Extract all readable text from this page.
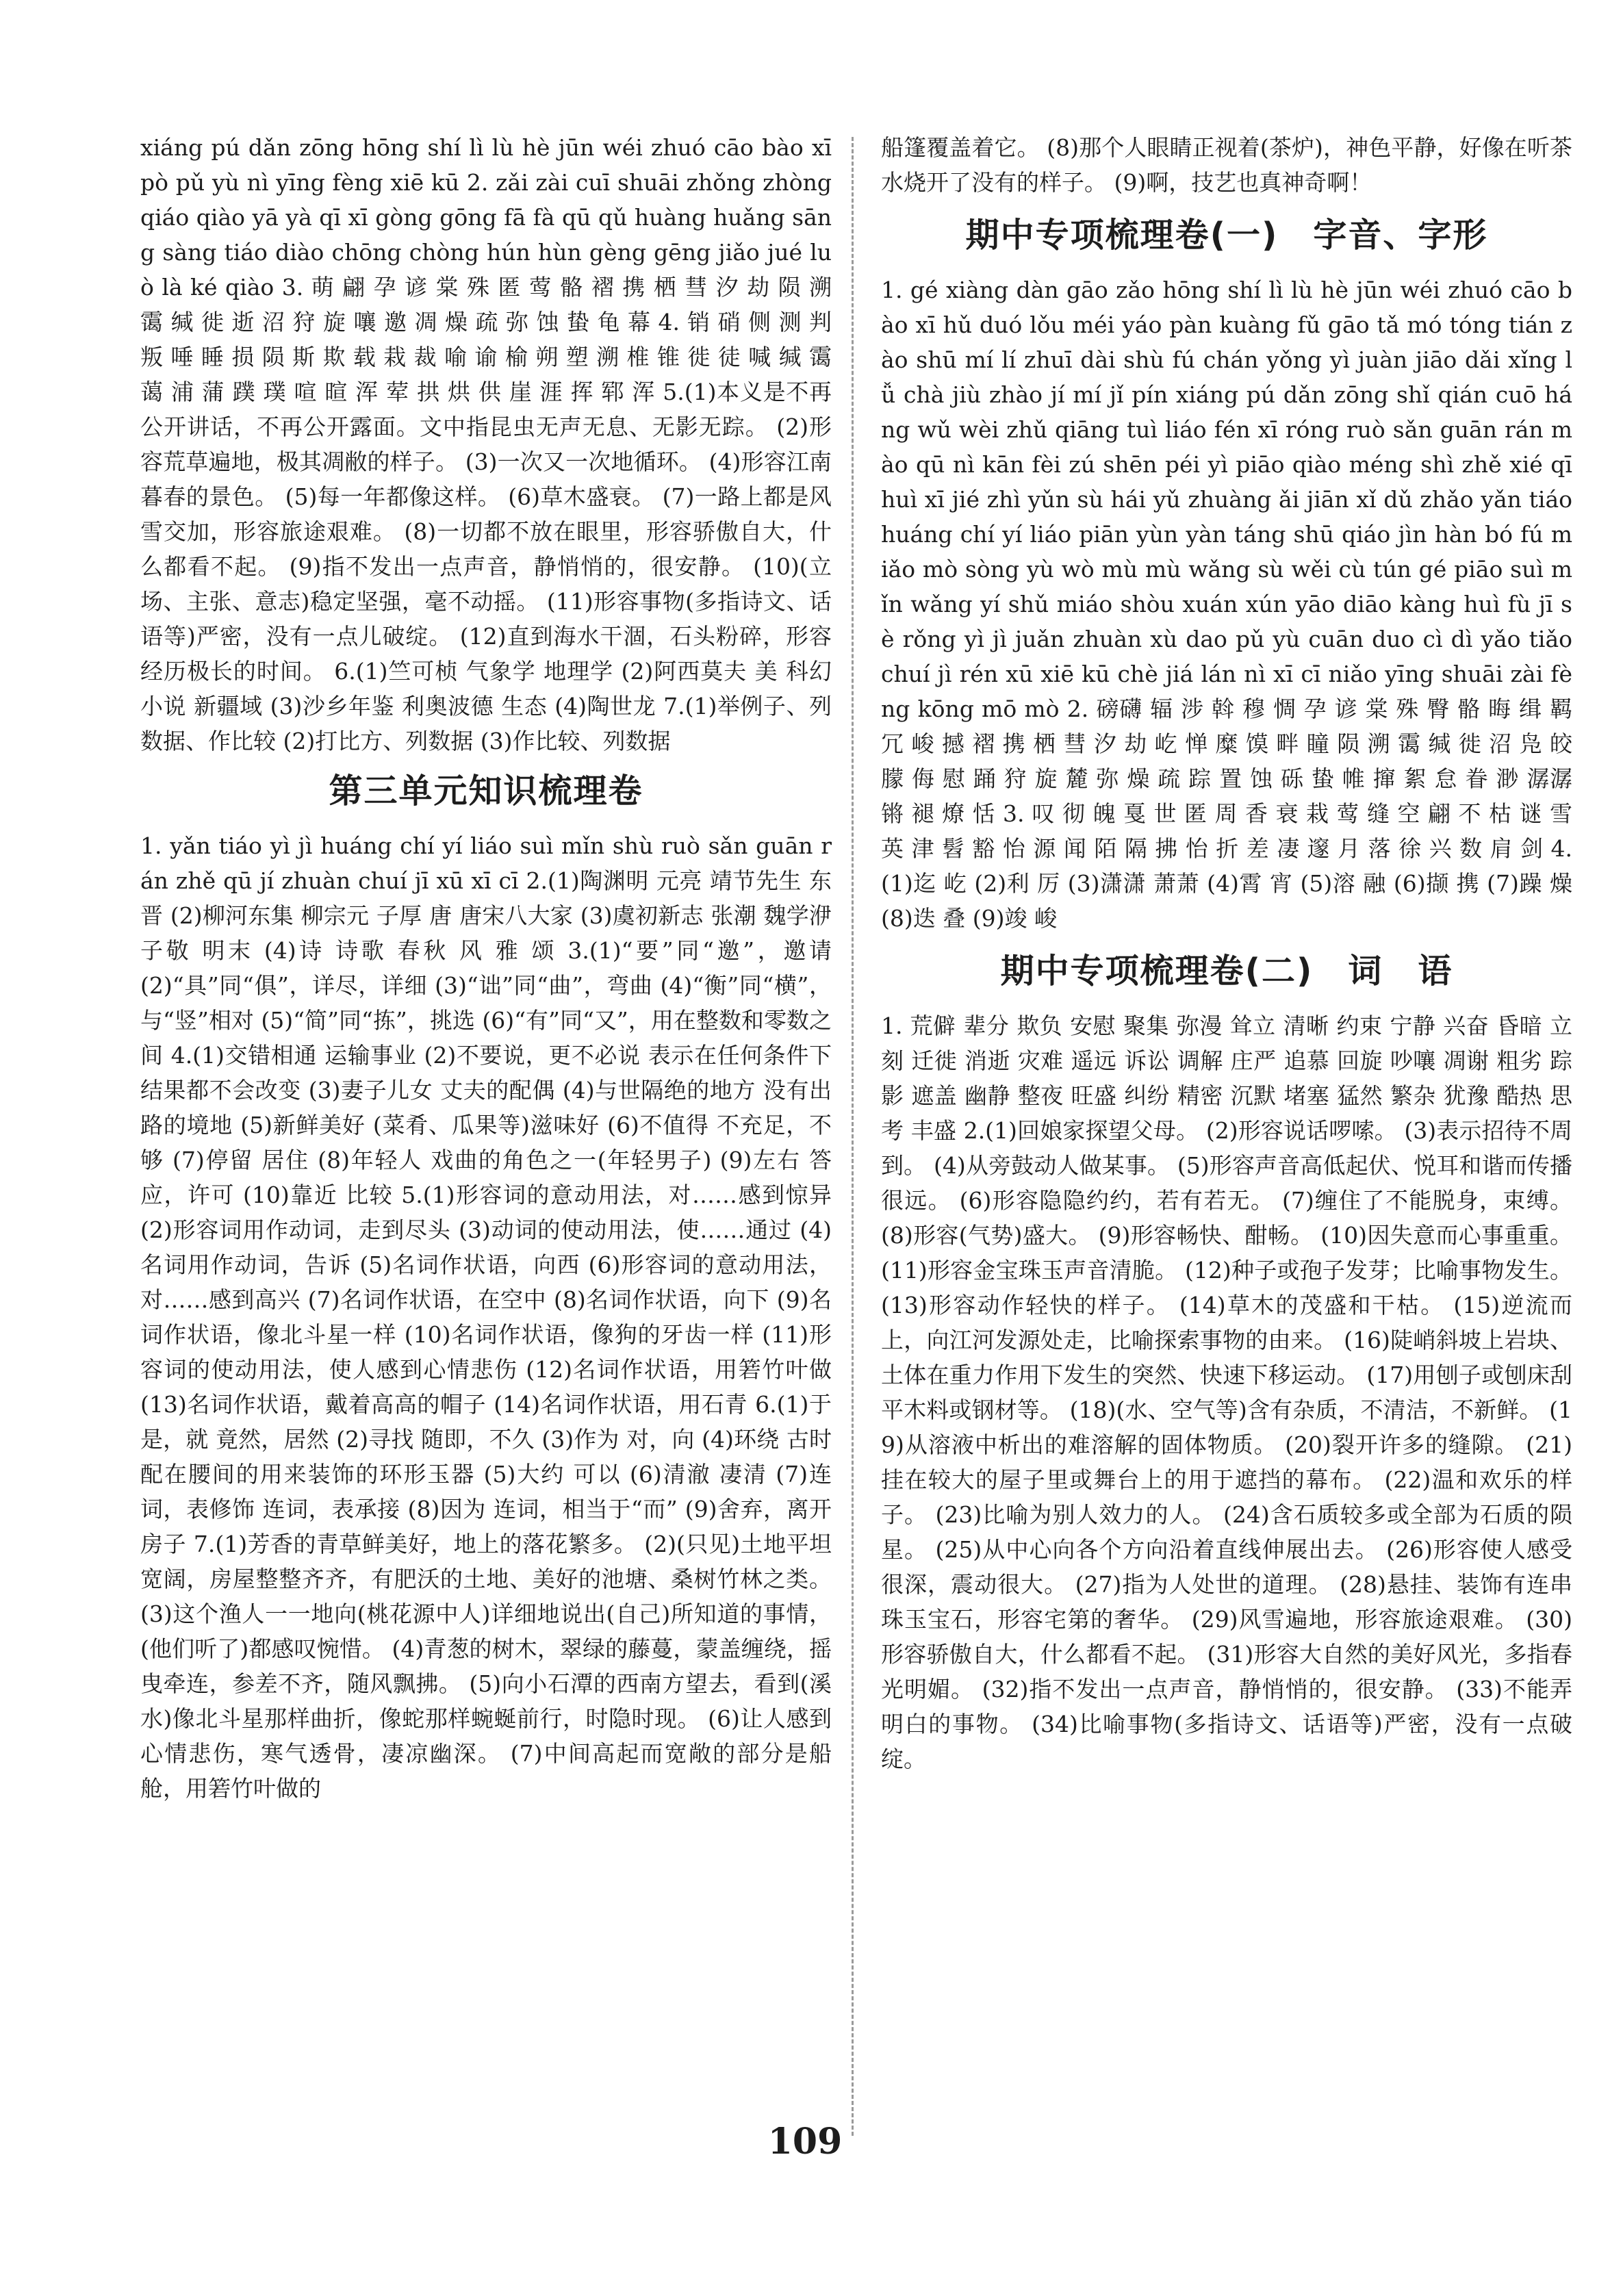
xiáng pú dǎn zōng hōng shí lì lù hè jūn wéi zhuó cāo bào xī pò pǔ yù nì yīng fèng xiē kū 2. zǎi zài cuī shuāi zhǒng zhòng qiáo qiào yā yà qī xī gòng gōng fā fà qū qǔ huàng huǎng sāng sàng tiáo diào chōng chòng hún hùn gèng gēng jiǎo jué luò là ké qiào 3. 萌 翩 孕 谚 棠 殊 匿 莺 骼 褶 携 栖 彗 汐 劫 陨 溯 霭 缄 徙 逝 沼 狩 旋 嚷 邀 凋 燥 疏 弥 蚀 蛰 龟 幕 4. 销 硝 侧 测 判 叛 唾 睡 损 陨 斯 欺 载 栽 裁 喻 谕 榆 朔 塑 溯 椎 锥 徙 徒 喊 缄 霭 蔼 浦 蒲 蹼 璞 喧 暄 浑 荤 拱 烘 供 崖 涯 挥 郓 浑 5.(1)本义是不再公开讲话，不再公开露面。文中指昆虫无声无息、无影无踪。 (2)形容荒草遍地，极其凋敝的样子。 (3)一次又一次地循环。 (4)形容江南暮春的景色。 (5)每一年都像这样。 (6)草木盛衰。 (7)一路上都是风雪交加，形容旅途艰难。 (8)一切都不放在眼里，形容骄傲自大，什么都看不起。 (9)指不发出一点声音，静悄悄的，很安静。 (10)(立场、主张、意志)稳定坚强，毫不动摇。 (11)形容事物(多指诗文、话语等)严密，没有一点儿破绽。 (12)直到海水干涸，石头粉碎，形容经历极长的时间。 6.(1)竺可桢 气象学 地理学 (2)阿西莫夫 美 科幻小说 新疆域 (3)沙乡年鉴 利奥波德 生态 (4)陶世龙 7.(1)举例子、列数据、作比较 (2)打比方、列数据 (3)作比较、列数据

第三单元知识梳理卷

1. yǎn tiáo yì jì huáng chí yí liáo suì mǐn shù ruò sǎn guān rán zhě qū jí zhuàn chuí jī xū xī cī 2.(1)陶渊明 元亮 靖节先生 东晋 (2)柳河东集 柳宗元 子厚 唐 唐宋八大家 (3)虞初新志 张潮 魏学洢 子敬 明末 (4)诗 诗歌 春秋 风 雅 颂 3.(1)“要”同“邀”，邀请 (2)“具”同“俱”，详尽，详细 (3)“诎”同“曲”，弯曲 (4)“衡”同“横”，与“竖”相对 (5)“简”同“拣”，挑选 (6)“有”同“又”，用在整数和零数之间 4.(1)交错相通 运输事业 (2)不要说，更不必说 表示在任何条件下结果都不会改变 (3)妻子儿女 丈夫的配偶 (4)与世隔绝的地方 没有出路的境地 (5)新鲜美好 (菜肴、瓜果等)滋味好 (6)不值得 不充足，不够 (7)停留 居住 (8)年轻人 戏曲的角色之一(年轻男子) (9)左右 答应，许可 (10)靠近 比较 5.(1)形容词的意动用法，对……感到惊异 (2)形容词用作动词，走到尽头 (3)动词的使动用法，使……通过 (4)名词用作动词，告诉 (5)名词作状语，向西 (6)形容词的意动用法，对……感到高兴 (7)名词作状语，在空中 (8)名词作状语，向下 (9)名词作状语，像北斗星一样 (10)名词作状语，像狗的牙齿一样 (11)形容词的使动用法，使人感到心情悲伤 (12)名词作状语，用箬竹叶做 (13)名词作状语，戴着高高的帽子 (14)名词作状语，用石青 6.(1)于是，就 竟然，居然 (2)寻找 随即，不久 (3)作为 对，向 (4)环绕 古时配在腰间的用来装饰的环形玉器 (5)大约 可以 (6)清澈 凄清 (7)连词，表修饰 连词，表承接 (8)因为 连词，相当于“而” (9)舍弃，离开 房子 7.(1)芳香的青草鲜美好，地上的落花繁多。 (2)(只见)土地平坦宽阔，房屋整整齐齐，有肥沃的土地、美好的池塘、桑树竹林之类。 (3)这个渔人一一地向(桃花源中人)详细地说出(自己)所知道的事情，(他们听了)都感叹惋惜。 (4)青葱的树木，翠绿的藤蔓，蒙盖缠绕，摇曳牵连，参差不齐，随风飘拂。 (5)向小石潭的西南方望去，看到(溪水)像北斗星那样曲折，像蛇那样蜿蜒前行，时隐时现。 (6)让人感到心情悲伤，寒气透骨，凄凉幽深。 (7)中间高起而宽敞的部分是船舱，用箬竹叶做的

船篷覆盖着它。 (8)那个人眼睛正视着(茶炉)，神色平静，好像在听茶水烧开了没有的样子。 (9)啊，技艺也真神奇啊！

期中专项梳理卷(一)　字音、字形

1. gé xiàng dàn gāo zǎo hōng shí lì lù hè jūn wéi zhuó cāo bào xī hǔ duó lǒu méi yáo pàn kuàng fǔ gāo tǎ mó tóng tián zào shū mí lí zhuī dài shù fú chán yǒng yì juàn jiāo dǎi xǐng lǚ chà jiù zhào jí mí jǐ pín xiáng pú dǎn zōng shǐ qián cuō háng wǔ wèi zhǔ qiāng tuì liáo fén xī róng ruò sǎn guān rán mào qū nì kān fèi zú shēn péi yì piāo qiào méng shì zhě xié qī huì xī jié zhì yǔn sù hái yǔ zhuàng ǎi jiān xǐ dǔ zhǎo yǎn tiáo huáng chí yí liáo piān yùn yàn táng shū qiáo jìn hàn bó fú miǎo mò sòng yù wò mù mù wǎng sù wěi cù tún gé piāo suì mǐn wǎng yí shǔ miáo shòu xuán xún yāo diāo kàng huì fù jī sè rǒng yì jì juǎn zhuàn xù dao pǔ yù cuān duo cì dì yǎo tiǎo chuí jì rén xū xiē kū chè jiá lán nì xī cī niǎo yīng shuāi zài fèng kōng mō mò 2. 磅礴 辐 涉 斡 穆 惆 孕 谚 棠 殊 臀 骼 晦 缉 羁 冗 峻 撼 褶 携 栖 彗 汐 劫 屹 惮 糜 馍 畔 瞳 陨 溯 霭 缄 徙 沼 凫 皎 朦 侮 慰 踊 狩 旋 麓 弥 燥 疏 踪 置 蚀 砾 蛰 帷 撺 絮 怠 眷 渺 潺潺 锵 褪 燎 恬 3. 叹 彻 魄 戛 世 匿 周 香 衰 栽 莺 缝 空 翩 不 枯 谜 雪 英 津 髫 豁 怡 源 闻 陌 隔 拂 怡 折 差 凄 邃 月 落 徐 兴 数 肩 剑 4.(1)迄 屹 (2)利 厉 (3)潇潇 萧萧 (4)霄 宵 (5)溶 融 (6)撷 携 (7)躁 燥 (8)迭 叠 (9)竣 峻

期中专项梳理卷(二)　词　语

1. 荒僻 辈分 欺负 安慰 聚集 弥漫 耸立 清晰 约束 宁静 兴奋 昏暗 立刻 迁徙 消逝 灾难 遥远 诉讼 调解 庄严 追慕 回旋 吵嚷 凋谢 粗劣 踪影 遮盖 幽静 整夜 旺盛 纠纷 精密 沉默 堵塞 猛然 繁杂 犹豫 酷热 思考 丰盛 2.(1)回娘家探望父母。 (2)形容说话啰嗦。 (3)表示招待不周到。 (4)从旁鼓动人做某事。 (5)形容声音高低起伏、悦耳和谐而传播很远。 (6)形容隐隐约约，若有若无。 (7)缠住了不能脱身，束缚。 (8)形容(气势)盛大。 (9)形容畅快、酣畅。 (10)因失意而心事重重。 (11)形容金宝珠玉声音清脆。 (12)种子或孢子发芽；比喻事物发生。 (13)形容动作轻快的样子。 (14)草木的茂盛和干枯。 (15)逆流而上，向江河发源处走，比喻探索事物的由来。 (16)陡峭斜坡上岩块、土体在重力作用下发生的突然、快速下移运动。 (17)用刨子或刨床刮平木料或钢材等。 (18)(水、空气等)含有杂质，不清洁，不新鲜。 (19)从溶液中析出的难溶解的固体物质。 (20)裂开许多的缝隙。 (21)挂在较大的屋子里或舞台上的用于遮挡的幕布。 (22)温和欢乐的样子。 (23)比喻为别人效力的人。 (24)含石质较多或全部为石质的陨星。 (25)从中心向各个方向沿着直线伸展出去。 (26)形容使人感受很深，震动很大。 (27)指为人处世的道理。 (28)悬挂、装饰有连串珠玉宝石，形容宅第的奢华。 (29)风雪遍地，形容旅途艰难。 (30)形容骄傲自大，什么都看不起。 (31)形容大自然的美好风光，多指春光明媚。 (32)指不发出一点声音，静悄悄的，很安静。 (33)不能弄明白的事物。 (34)比喻事物(多指诗文、话语等)严密，没有一点破绽。

109
